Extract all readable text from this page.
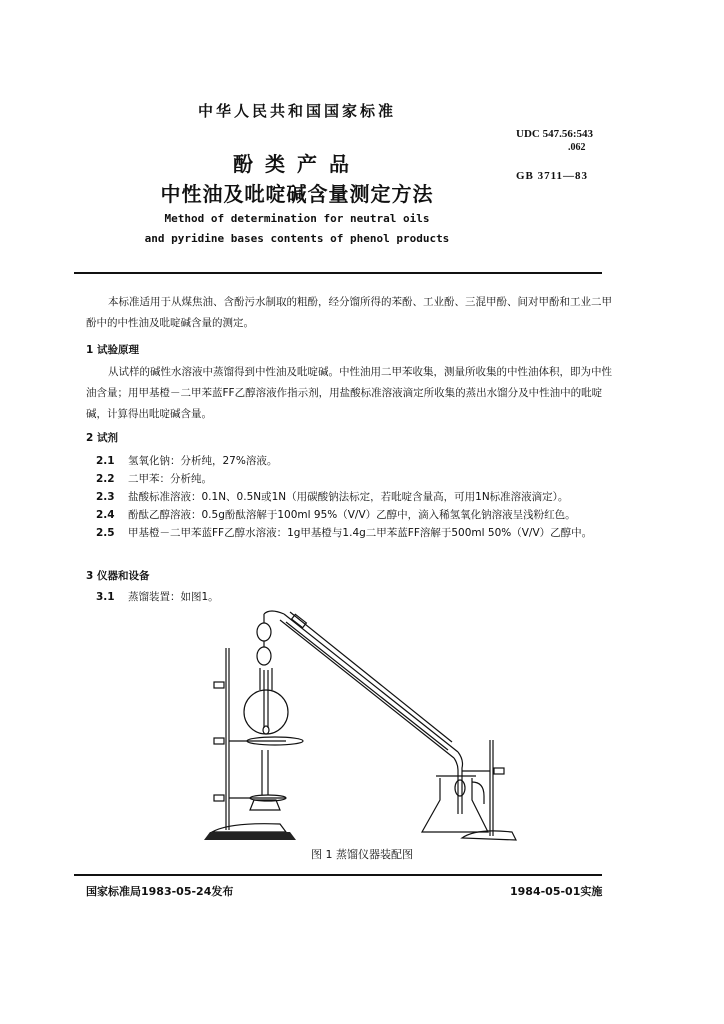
中华人民共和国国家标准
UDC 547.56:543
.062
GB 3711—83
酚类产品
中性油及吡啶碱含量测定方法
Method of determination for neutral oils
and pyridine bases contents of phenol products
本标准适用于从煤焦油、含酚污水制取的粗酚，经分馏所得的苯酚、工业酚、三混甲酚、间对甲酚和工业二甲酚中的中性油及吡啶碱含量的测定。
1 试验原理
从试样的碱性水溶液中蒸馏得到中性油及吡啶碱。中性油用二甲苯收集，测量所收集的中性油体积，即为中性油含量；用甲基橙－二甲苯蓝FF乙醇溶液作指示剂，用盐酸标准溶液滴定所收集的蒸出水馏分及中性油中的吡啶碱，计算得出吡啶碱含量。
2 试剂
2.1 氢氧化钠：分析纯，27%溶液。
2.2 二甲苯：分析纯。
2.3 盐酸标准溶液：0.1N、0.5N或1N（用碳酸钠法标定，若吡啶含量高，可用1N标准溶液滴定）。
2.4 酚酞乙醇溶液：0.5g酚酞溶解于100ml 95%（V/V）乙醇中，滴入稀氢氧化钠溶液呈浅粉红色。
2.5 甲基橙－二甲苯蓝FF乙醇水溶液：1g甲基橙与1.4g二甲苯蓝FF溶解于500ml 50%（V/V）乙醇中。
3 仪器和设备
3.1 蒸馏装置：如图1。
图 1 蒸馏仪器装配图
国家标准局1983-05-24发布	1984-05-01实施
